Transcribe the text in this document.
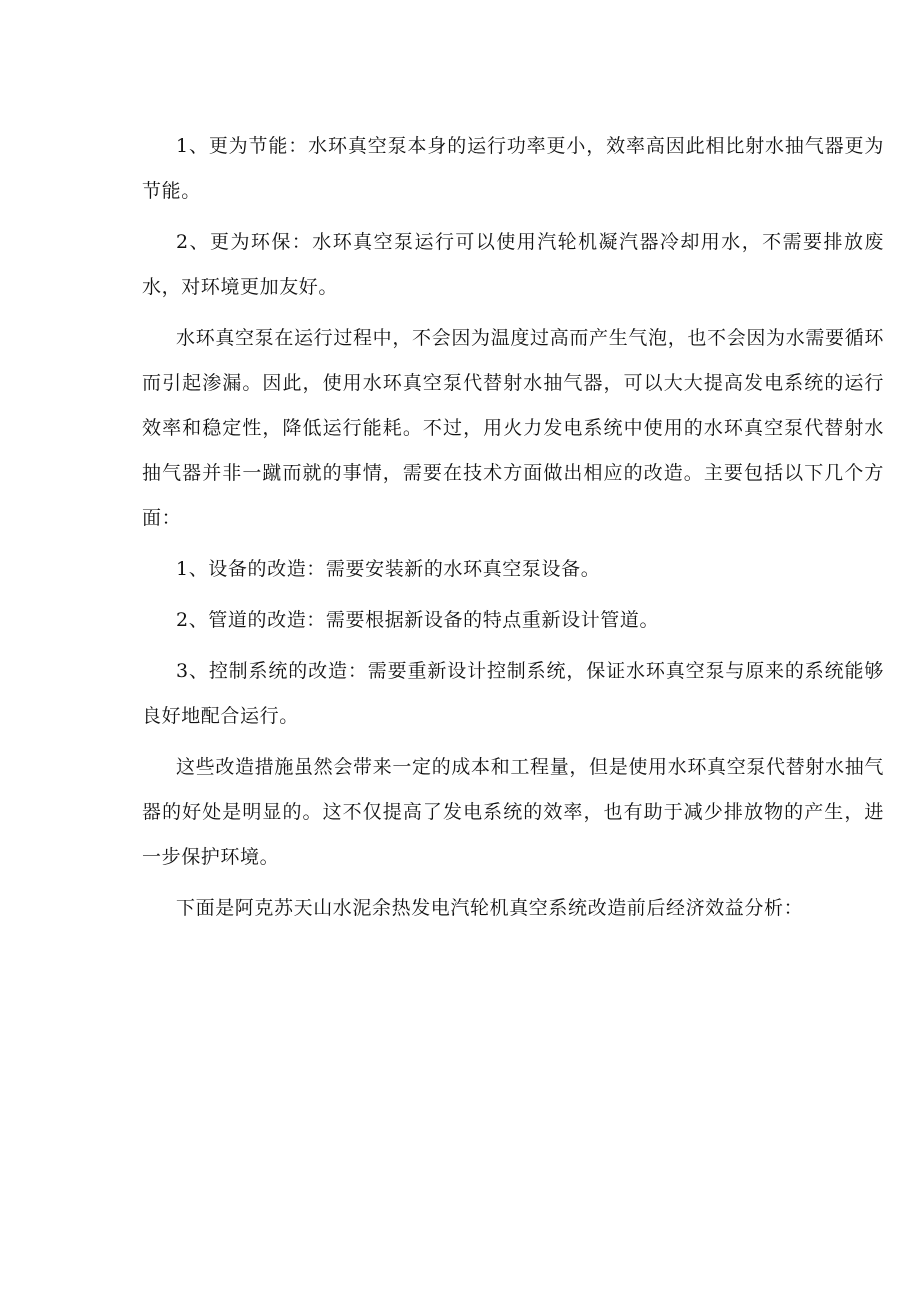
1、更为节能：水环真空泵本身的运行功率更小，效率高因此相比射水抽气器更为节能。

2、更为环保：水环真空泵运行可以使用汽轮机凝汽器冷却用水，不需要排放废水，对环境更加友好。

水环真空泵在运行过程中，不会因为温度过高而产生气泡，也不会因为水需要循环而引起渗漏。因此，使用水环真空泵代替射水抽气器，可以大大提高发电系统的运行效率和稳定性，降低运行能耗。不过，用火力发电系统中使用的水环真空泵代替射水抽气器并非一蹴而就的事情，需要在技术方面做出相应的改造。主要包括以下几个方面：

1、设备的改造：需要安装新的水环真空泵设备。

2、管道的改造：需要根据新设备的特点重新设计管道。

3、控制系统的改造：需要重新设计控制系统，保证水环真空泵与原来的系统能够良好地配合运行。

这些改造措施虽然会带来一定的成本和工程量，但是使用水环真空泵代替射水抽气器的好处是明显的。这不仅提高了发电系统的效率，也有助于减少排放物的产生，进一步保护环境。

下面是阿克苏天山水泥余热发电汽轮机真空系统改造前后经济效益分析：
